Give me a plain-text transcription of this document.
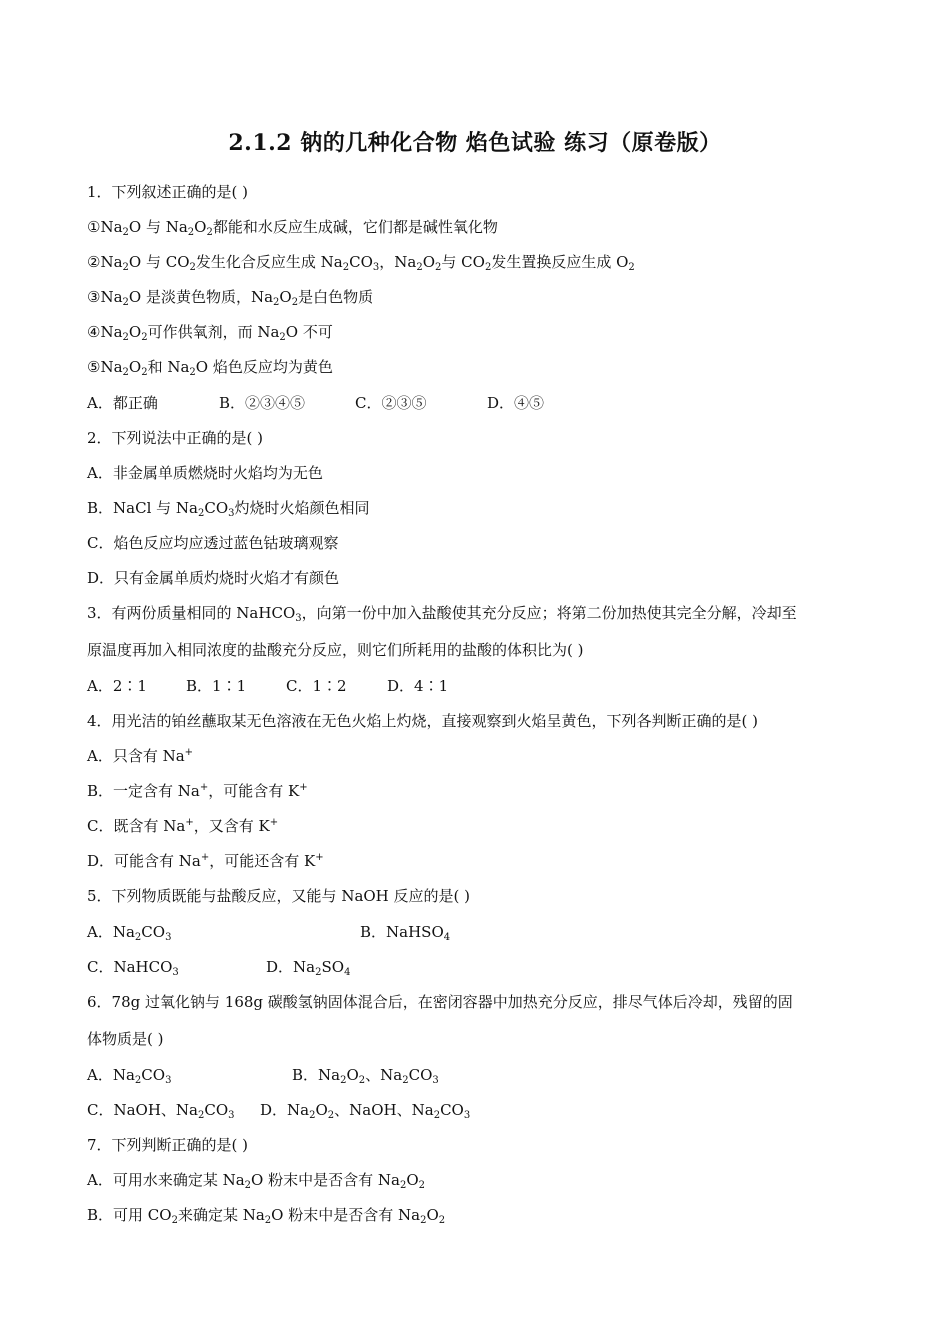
2.1.2 钠的几种化合物 焰色试验 练习（原卷版）
1．下列叙述正确的是( )
$①Na_2O$ 与 $Na_2O_2$都能和水反应生成碱，它们都是碱性氧化物
$②Na_2O$ 与 $CO_2$发生化合反应生成 $Na_2CO_3$，$Na_2O_2$与 $CO_2$发生置换反应生成 $O_2$
$③Na_2O$ 是淡黄色物质，$Na_2O_2$是白色物质
$④Na_2O_2$可作供氧剂，而 $Na_2O$ 不可
$⑤Na_2O_2$和 $Na_2O$ 焰色反应均为黄色
A．都正确	B．②③④⑤	C．②③⑤	D．④⑤
2．下列说法中正确的是( )
A．非金属单质燃烧时火焰均为无色
B．NaCl 与 $Na_2CO_3$灼烧时火焰颜色相同
C．焰色反应均应透过蓝色钴玻璃观察
D．只有金属单质灼烧时火焰才有颜色
3．有两份质量相同的 NaHCO$_3$，向第一份中加入盐酸使其充分反应；将第二份加热使其完全分解，冷却至
原温度再加入相同浓度的盐酸充分反应，则它们所耗用的盐酸的体积比为( )
A．2∶1	B．1∶1	C．1∶2	D．4∶1
4．用光洁的铂丝蘸取某无色溶液在无色火焰上灼烧，直接观察到火焰呈黄色，下列各判断正确的是( )
A．只含有 Na+
B．一定含有 Na+，可能含有 K+
C．既含有 Na+，又含有 K+
D．可能含有 Na+，可能还含有 K+
5．下列物质既能与盐酸反应，又能与 NaOH 反应的是( )
A．$Na_2CO_3$	B．NaHSO$_4$
C．NaHCO$_3$	D．$Na_2SO_4$
6．78g 过氧化钠与 168g 碳酸氢钠固体混合后，在密闭容器中加热充分反应，排尽气体后冷却，残留的固
体物质是( )
A．$Na_2CO_3$	B．$Na_2O_2$、$Na_2CO_3$
C．NaOH、$Na_2CO_3$ D．$Na_2O_2$、NaOH、$Na_2CO_3$
7．下列判断正确的是( )
A．可用水来确定某 $Na_2O$ 粉末中是否含有 $Na_2O_2$
B．可用 $CO_2$来确定某 $Na_2O$ 粉末中是否含有 $Na_2O_2$
